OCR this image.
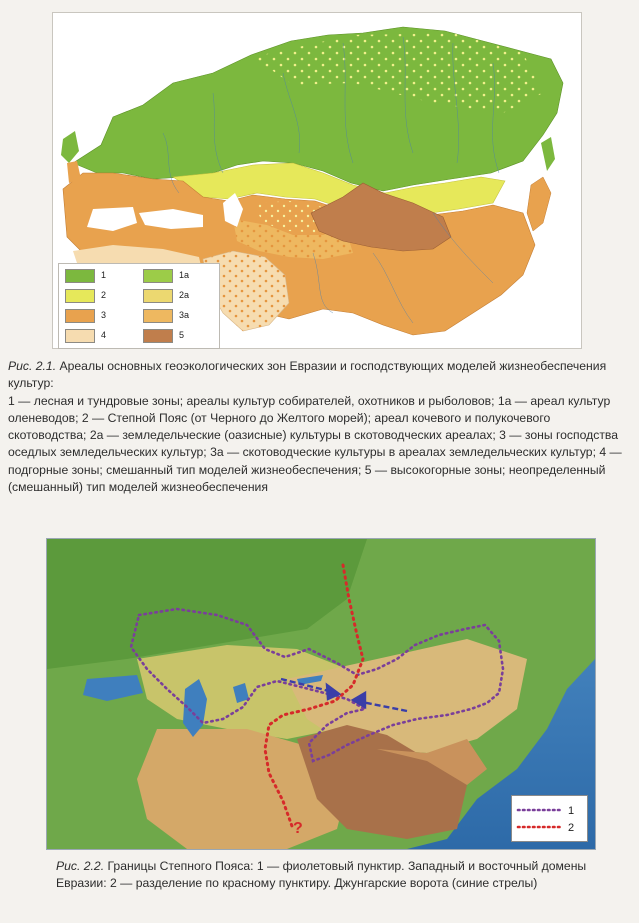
1	1a
2	2a
3	3a
4	5
Рис. 2.1. Ареалы основных геоэкологических зон Евразии и господствующих моделей жизнеобеспечения культур:
1 — лесная и тундровые зоны; ареалы культур собирателей, охотников и рыболовов; 1а — ареал культур оленеводов; 2 — Степной Пояс (от Черного до Желтого морей); ареал кочевого и полукочевого скотоводства; 2а — земледельческие (оазисные) культуры в скотоводческих ареалах; 3 — зоны господства оседлых земледельческих культур; 3а — скотоводческие культуры в ареалах земледельческих культур; 4 — подгорные зоны; смешанный тип моделей жизнеобеспечения; 5 — высокогорные зоны; неопределенный (смешанный) тип моделей жизнеобеспечения
?
1
2
Рис. 2.2. Границы Степного Пояса: 1 — фиолетовый пунктир. Западный и восточный домены Евразии: 2 — разделение по красному пунктиру. Джунгарские ворота (синие стрелы)
